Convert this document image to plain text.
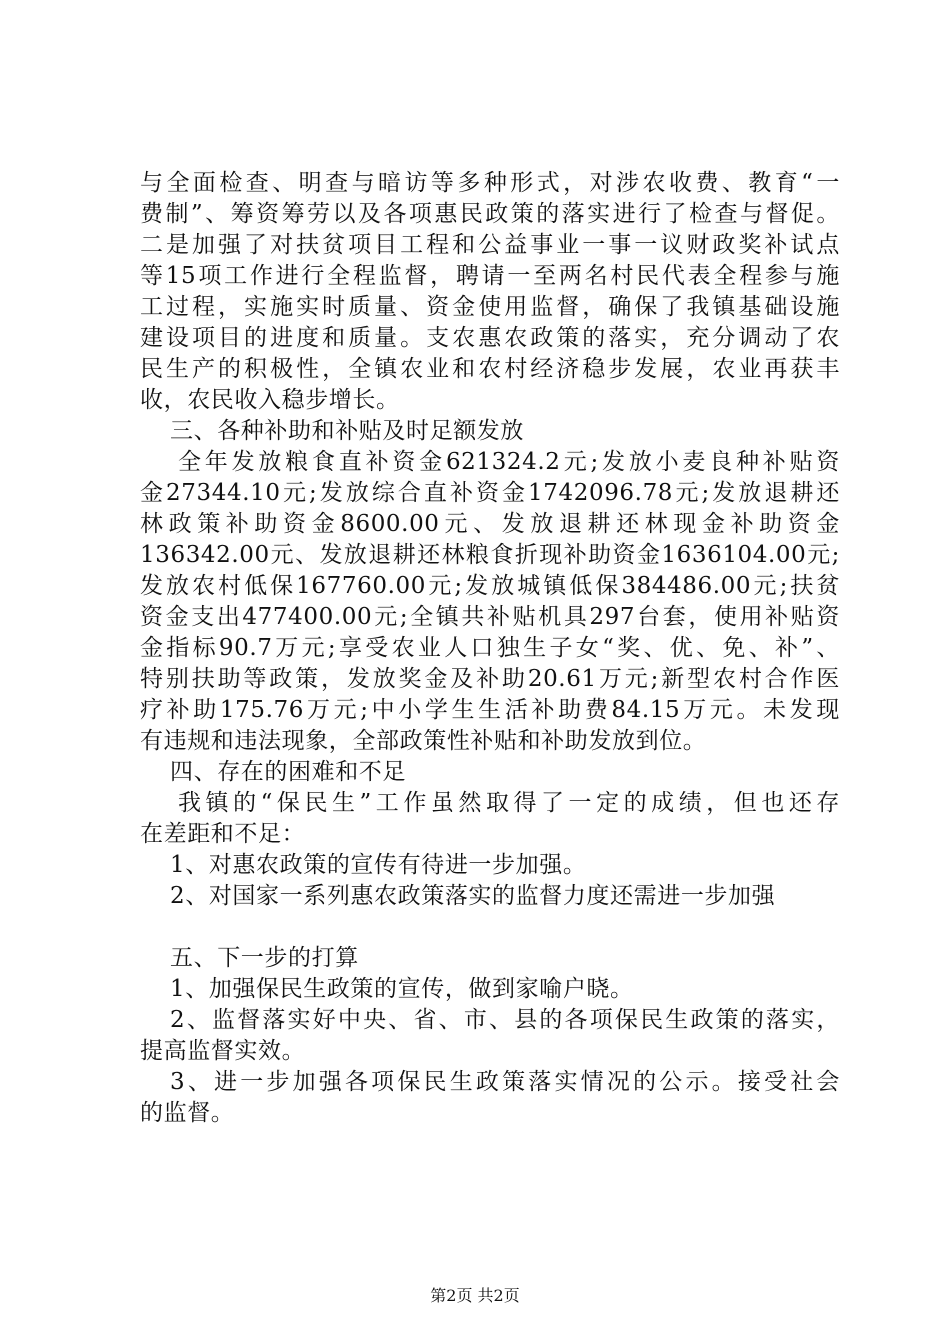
与全面检查、明查与暗访等多种形式，对涉农收费、教育“一
费制”、筹资筹劳以及各项惠民政策的落实进行了检查与督促。
二是加强了对扶贫项目工程和公益事业一事一议财政奖补试点
等15项工作进行全程监督，聘请一至两名村民代表全程参与施
工过程，实施实时质量、资金使用监督，确保了我镇基础设施
建设项目的进度和质量。支农惠农政策的落实，充分调动了农
民生产的积极性，全镇农业和农村经济稳步发展，农业再获丰
收，农民收入稳步增长。
三、各种补助和补贴及时足额发放
全年发放粮食直补资金621324.2元;发放小麦良种补贴资
金27344.10元;发放综合直补资金1742096.78元;发放退耕还
林政策补助资金8600.00元、发放退耕还林现金补助资金
136342.00元、发放退耕还林粮食折现补助资金1636104.00元;
发放农村低保167760.00元;发放城镇低保384486.00元;扶贫
资金支出477400.00元;全镇共补贴机具297台套，使用补贴资
金指标90.7万元;享受农业人口独生子女“奖、优、免、补”、
特别扶助等政策，发放奖金及补助20.61万元;新型农村合作医
疗补助175.76万元;中小学生生活补助费84.15万元。未发现
有违规和违法现象，全部政策性补贴和补助发放到位。
四、存在的困难和不足
我镇的“保民生”工作虽然取得了一定的成绩，但也还存
在差距和不足：
1、对惠农政策的宣传有待进一步加强。
2、对国家一系列惠农政策落实的监督力度还需进一步加强
五、下一步的打算
1、加强保民生政策的宣传，做到家喻户晓。
2、监督落实好中央、省、市、县的各项保民生政策的落实，
提高监督实效。
3、进一步加强各项保民生政策落实情况的公示。接受社会
的监督。
第2页 共2页
